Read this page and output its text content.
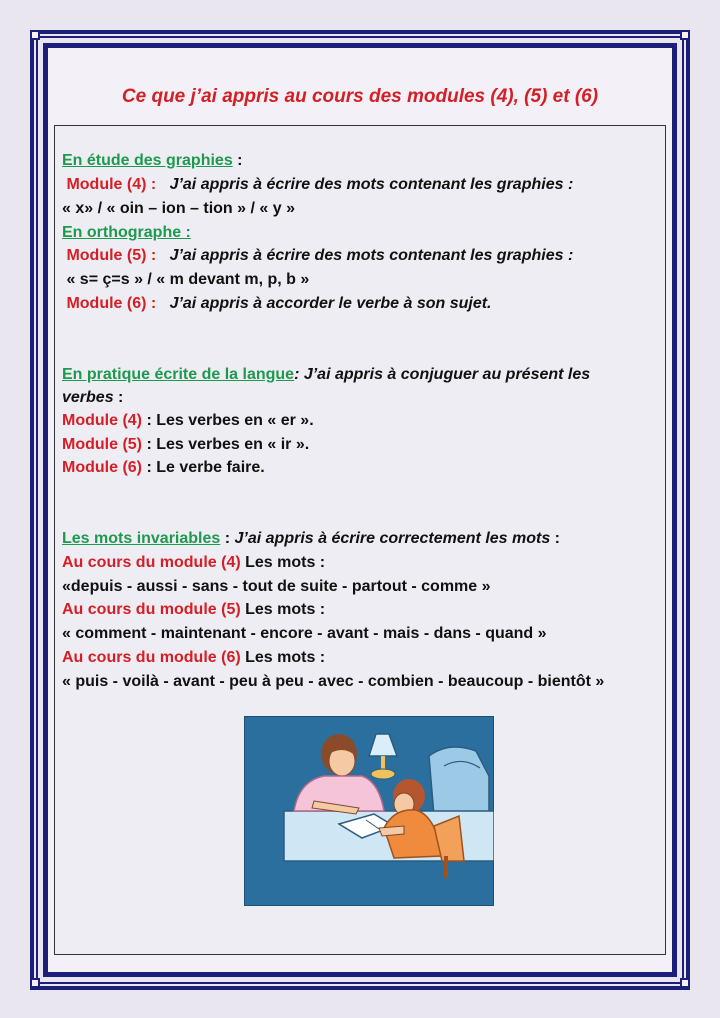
Ce que j’ai appris au cours des modules (4), (5) et (6)
En étude des graphies :
Module (4) : J’ai appris à écrire des mots contenant les graphies :
« x» / « oin – ion – tion » / « y »
En orthographe :
Module (5) : J’ai appris à écrire des mots contenant les graphies :
« s= ç=s » / « m devant m, p, b »
Module (6) : J’ai appris à accorder le verbe à son sujet.
En pratique écrite de la langue: J’ai appris à conjuguer au présent les
verbes :
Module (4) : Les verbes en « er ».
Module (5) : Les verbes en « ir ».
Module (6) : Le verbe faire.
Les mots invariables : J’ai appris à écrire correctement les mots :
Au cours du module (4) Les mots :
«depuis - aussi - sans - tout de suite - partout - comme »
Au cours du module (5) Les mots :
« comment - maintenant - encore - avant - mais - dans - quand »
Au cours du module (6) Les mots :
« puis - voilà - avant - peu à peu - avec - combien - beaucoup - bientôt »
